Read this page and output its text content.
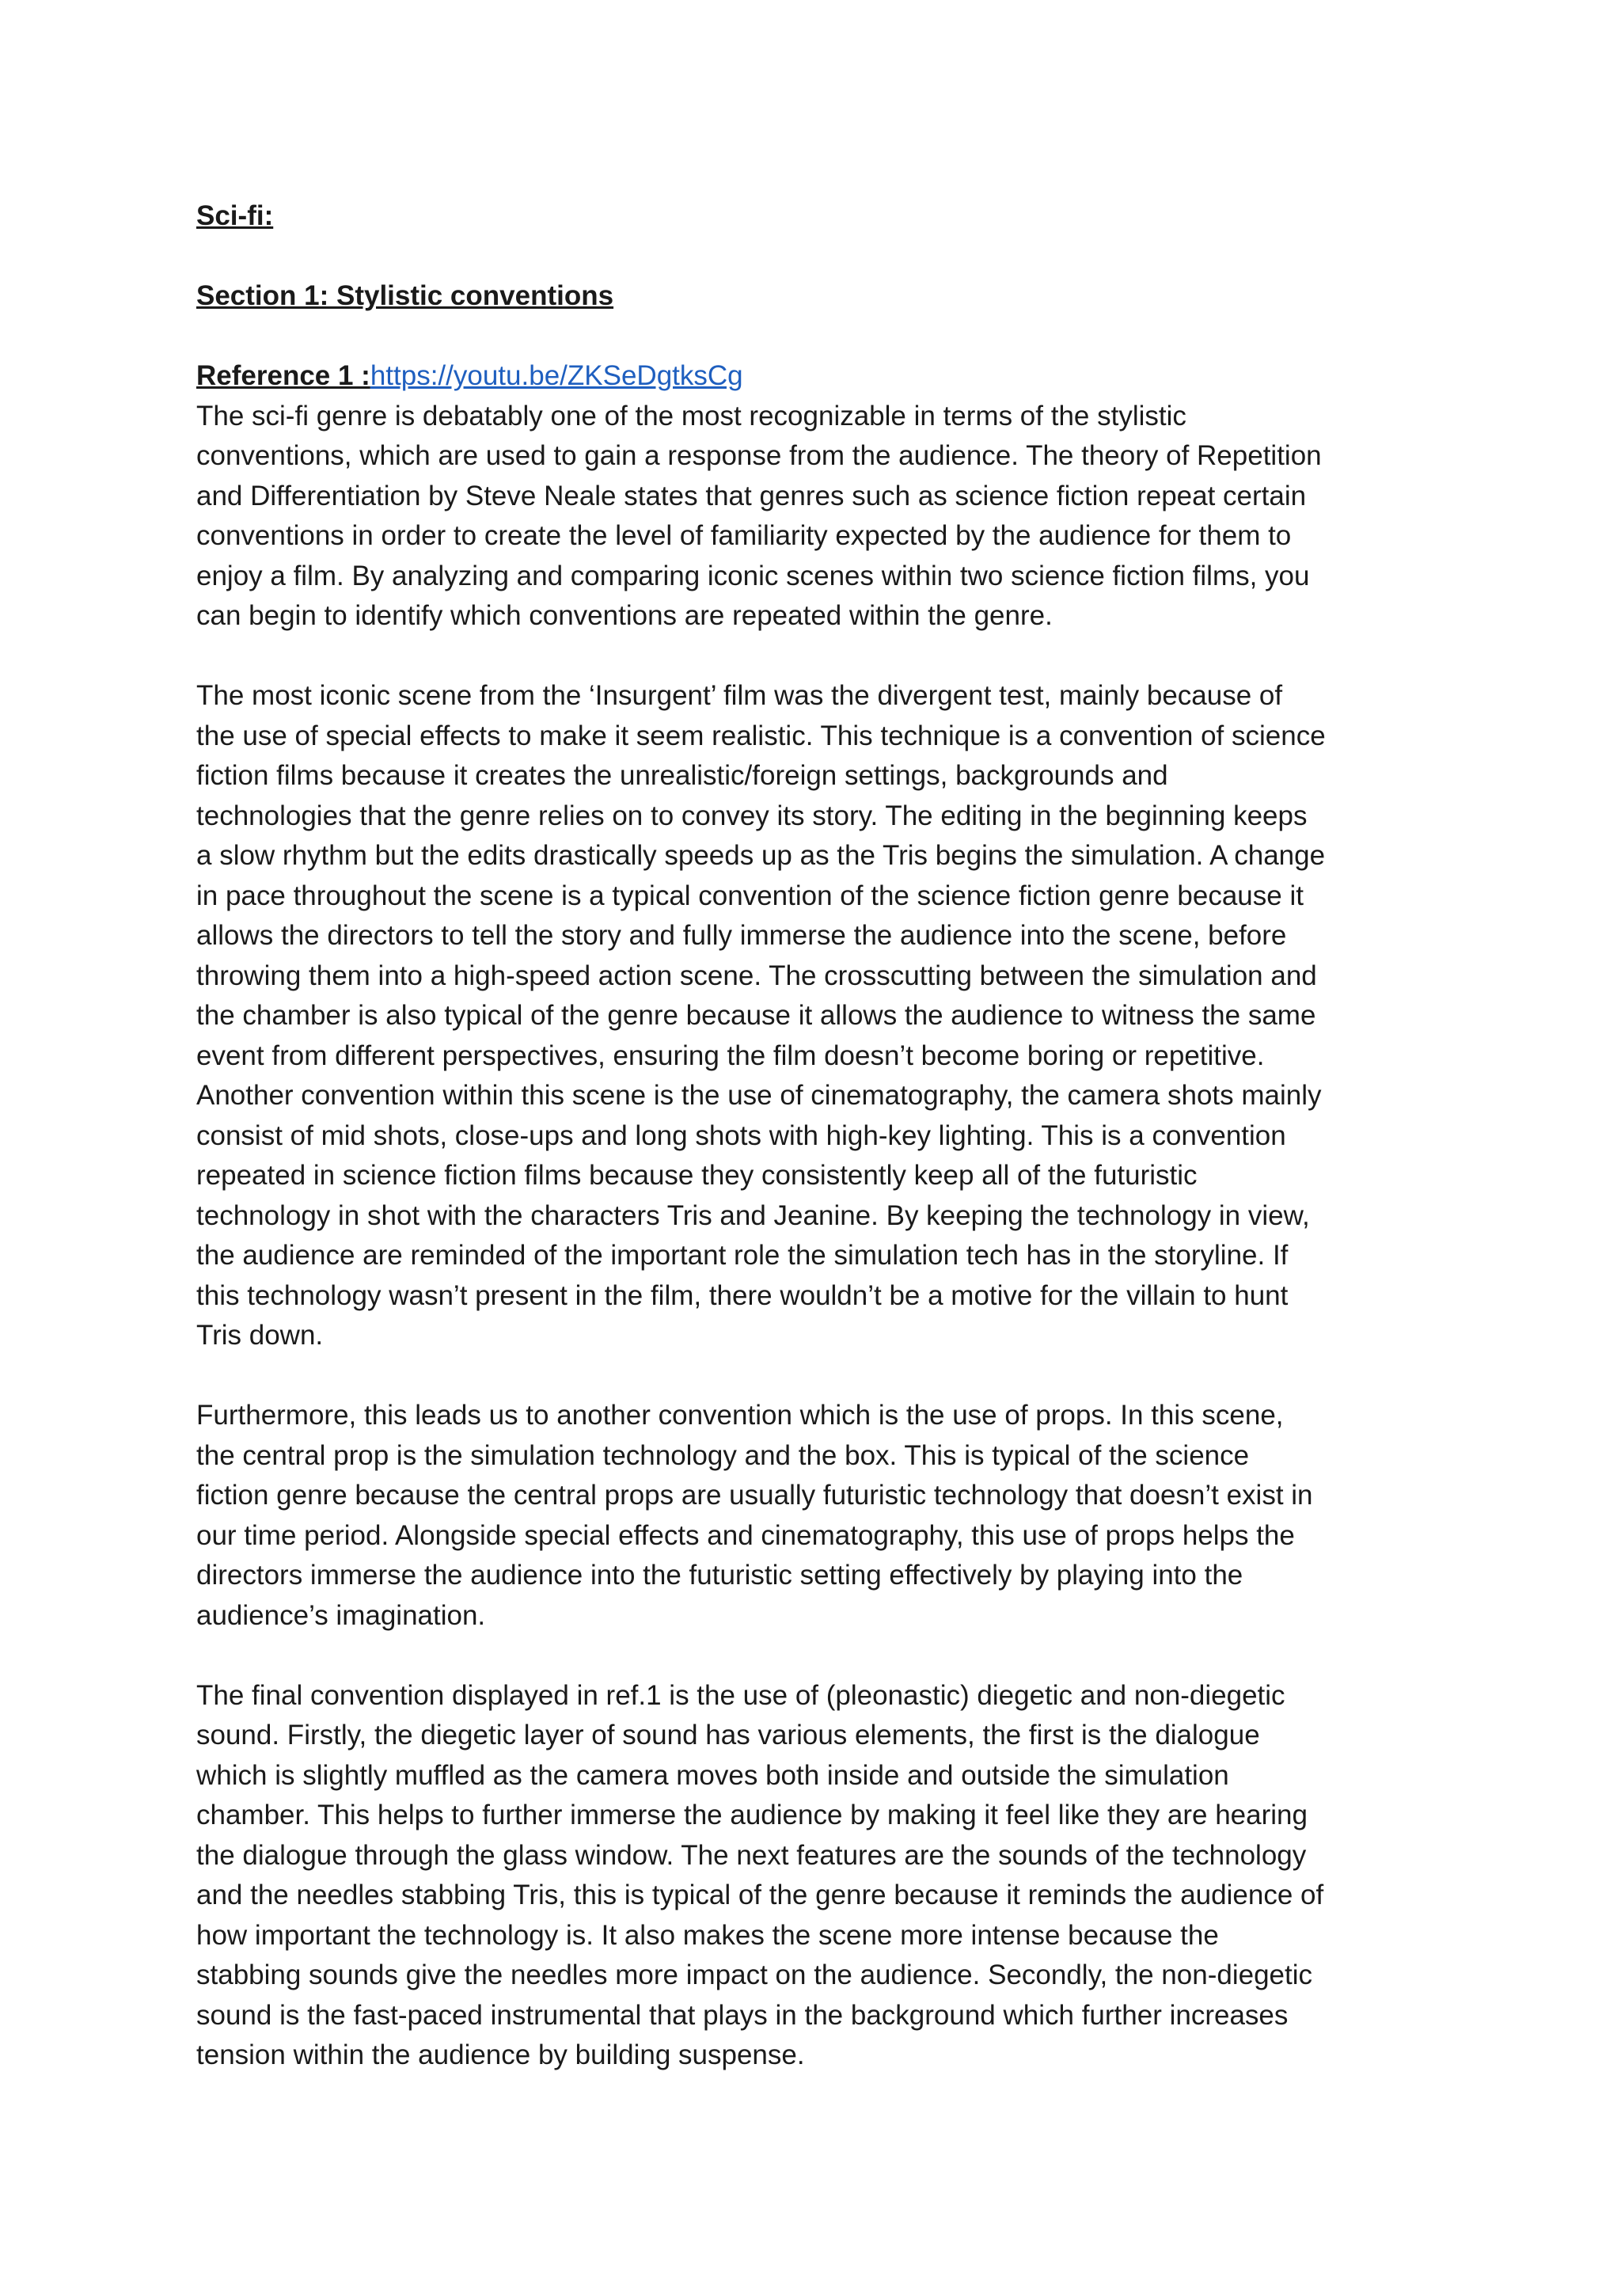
Sci-fi:

Section 1: Stylistic conventions

Reference 1 :https://youtu.be/ZKSeDgtksCg

The sci-fi genre is debatably one of the most recognizable in terms of the stylistic
conventions, which are used to gain a response from the audience. The theory of Repetition
and Differentiation by Steve Neale states that genres such as science fiction repeat certain
conventions in order to create the level of familiarity expected by the audience for them to
enjoy a film. By analyzing and comparing iconic scenes within two science fiction films, you
can begin to identify which conventions are repeated within the genre.

The most iconic scene from the ‘Insurgent’ film was the divergent test, mainly because of
the use of special effects to make it seem realistic. This technique is a convention of science
fiction films because it creates the unrealistic/foreign settings, backgrounds and
technologies that the genre relies on to convey its story. The editing in the beginning keeps
a slow rhythm but the edits drastically speeds up as the Tris begins the simulation. A change
in pace throughout the scene is a typical convention of the science fiction genre because it
allows the directors to tell the story and fully immerse the audience into the scene, before
throwing them into a high-speed action scene. The crosscutting between the simulation and
the chamber is also typical of the genre because it allows the audience to witness the same
event from different perspectives, ensuring the film doesn’t become boring or repetitive.
Another convention within this scene is the use of cinematography, the camera shots mainly
consist of mid shots, close-ups and long shots with high-key lighting. This is a convention
repeated in science fiction films because they consistently keep all of the futuristic
technology in shot with the characters Tris and Jeanine. By keeping the technology in view,
the audience are reminded of the important role the simulation tech has in the storyline. If
this technology wasn’t present in the film, there wouldn’t be a motive for the villain to hunt
Tris down.

Furthermore, this leads us to another convention which is the use of props. In this scene,
the central prop is the simulation technology and the box. This is typical of the science
fiction genre because the central props are usually futuristic technology that doesn’t exist in
our time period. Alongside special effects and cinematography, this use of props helps the
directors immerse the audience into the futuristic setting effectively by playing into the
audience’s imagination.

The final convention displayed in ref.1 is the use of (pleonastic) diegetic and non-diegetic
sound. Firstly, the diegetic layer of sound has various elements, the first is the dialogue
which is slightly muffled as the camera moves both inside and outside the simulation
chamber. This helps to further immerse the audience by making it feel like they are hearing
the dialogue through the glass window. The next features are the sounds of the technology
and the needles stabbing Tris, this is typical of the genre because it reminds the audience of
how important the technology is. It also makes the scene more intense because the
stabbing sounds give the needles more impact on the audience. Secondly, the non-diegetic
sound is the fast-paced instrumental that plays in the background which further increases
tension within the audience by building suspense.
